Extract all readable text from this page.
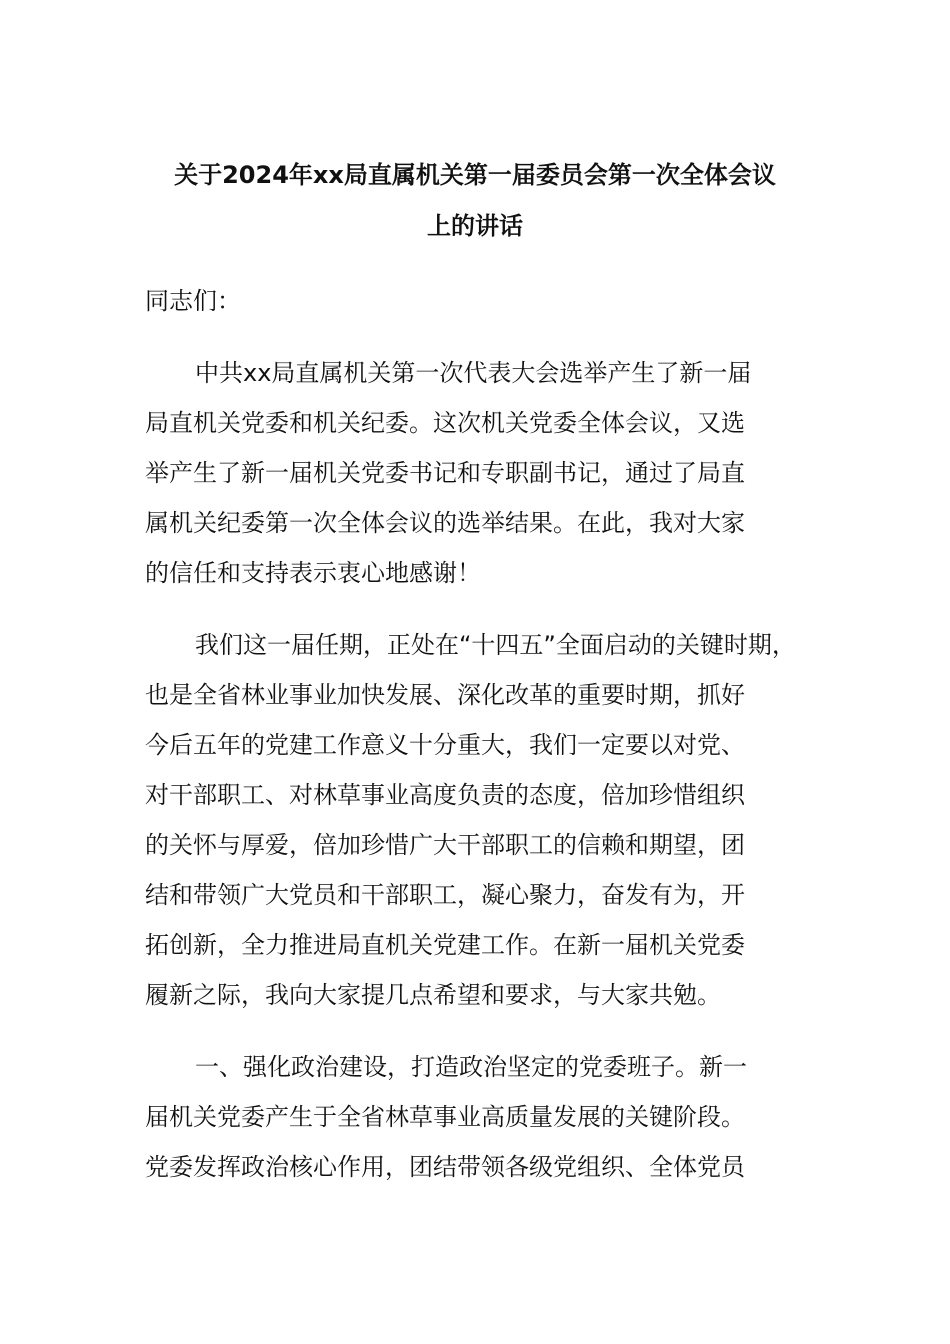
关于2024年xx局直属机关第一届委员会第一次全体会议
上的讲话
同志们：
中共xx局直属机关第一次代表大会选举产生了新一届
局直机关党委和机关纪委。这次机关党委全体会议，又选
举产生了新一届机关党委书记和专职副书记，通过了局直
属机关纪委第一次全体会议的选举结果。在此，我对大家
的信任和支持表示衷心地感谢！
我们这一届任期，正处在“十四五”全面启动的关键时期，
也是全省林业事业加快发展、深化改革的重要时期，抓好
今后五年的党建工作意义十分重大，我们一定要以对党、
对干部职工、对林草事业高度负责的态度，倍加珍惜组织
的关怀与厚爱，倍加珍惜广大干部职工的信赖和期望，团
结和带领广大党员和干部职工，凝心聚力，奋发有为，开
拓创新，全力推进局直机关党建工作。在新一届机关党委
履新之际，我向大家提几点希望和要求，与大家共勉。
一、强化政治建设，打造政治坚定的党委班子。新一
届机关党委产生于全省林草事业高质量发展的关键阶段。
党委发挥政治核心作用，团结带领各级党组织、全体党员
